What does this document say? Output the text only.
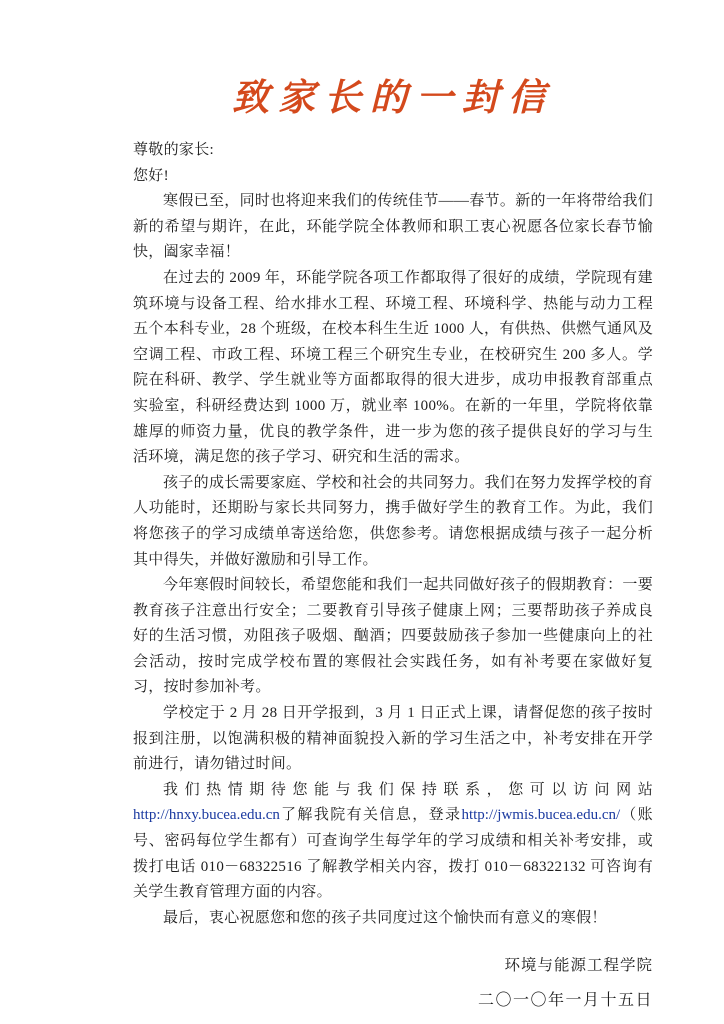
致家长的一封信

尊敬的家长:

您好!

寒假已至，同时也将迎来我们的传统佳节——春节。新的一年将带给我们新的希望与期许，在此，环能学院全体教师和职工衷心祝愿各位家长春节愉快，阖家幸福！

在过去的 2009 年，环能学院各项工作都取得了很好的成绩，学院现有建筑环境与设备工程、给水排水工程、环境工程、环境科学、热能与动力工程五个本科专业，28 个班级，在校本科生生近 1000 人，有供热、供燃气通风及空调工程、市政工程、环境工程三个研究生专业，在校研究生 200 多人。学院在科研、教学、学生就业等方面都取得的很大进步，成功申报教育部重点实验室，科研经费达到 1000 万，就业率 100%。在新的一年里，学院将依靠雄厚的师资力量，优良的教学条件，进一步为您的孩子提供良好的学习与生活环境，满足您的孩子学习、研究和生活的需求。

孩子的成长需要家庭、学校和社会的共同努力。我们在努力发挥学校的育人功能时，还期盼与家长共同努力，携手做好学生的教育工作。为此，我们将您孩子的学习成绩单寄送给您，供您参考。请您根据成绩与孩子一起分析其中得失，并做好激励和引导工作。

今年寒假时间较长，希望您能和我们一起共同做好孩子的假期教育：一要教育孩子注意出行安全；二要教育引导孩子健康上网；三要帮助孩子养成良好的生活习惯，劝阻孩子吸烟、酗酒；四要鼓励孩子参加一些健康向上的社会活动，按时完成学校布置的寒假社会实践任务，如有补考要在家做好复习，按时参加补考。

学校定于 2 月 28 日开学报到，3 月 1 日正式上课，请督促您的孩子按时报到注册，以饱满积极的精神面貌投入新的学习生活之中，补考安排在开学前进行，请勿错过时间。

我们热情期待您能与我们保持联系，您可以访问网站http://hnxy.bucea.edu.cn了解我院有关信息，登录http://jwmis.bucea.edu.cn/（账号、密码每位学生都有）可查询学生每学年的学习成绩和相关补考安排，或拨打电话 010－68322516 了解教学相关内容，拨打 010－68322132 可咨询有关学生教育管理方面的内容。

最后，衷心祝愿您和您的孩子共同度过这个愉快而有意义的寒假！

环境与能源工程学院
二〇一〇年一月十五日
